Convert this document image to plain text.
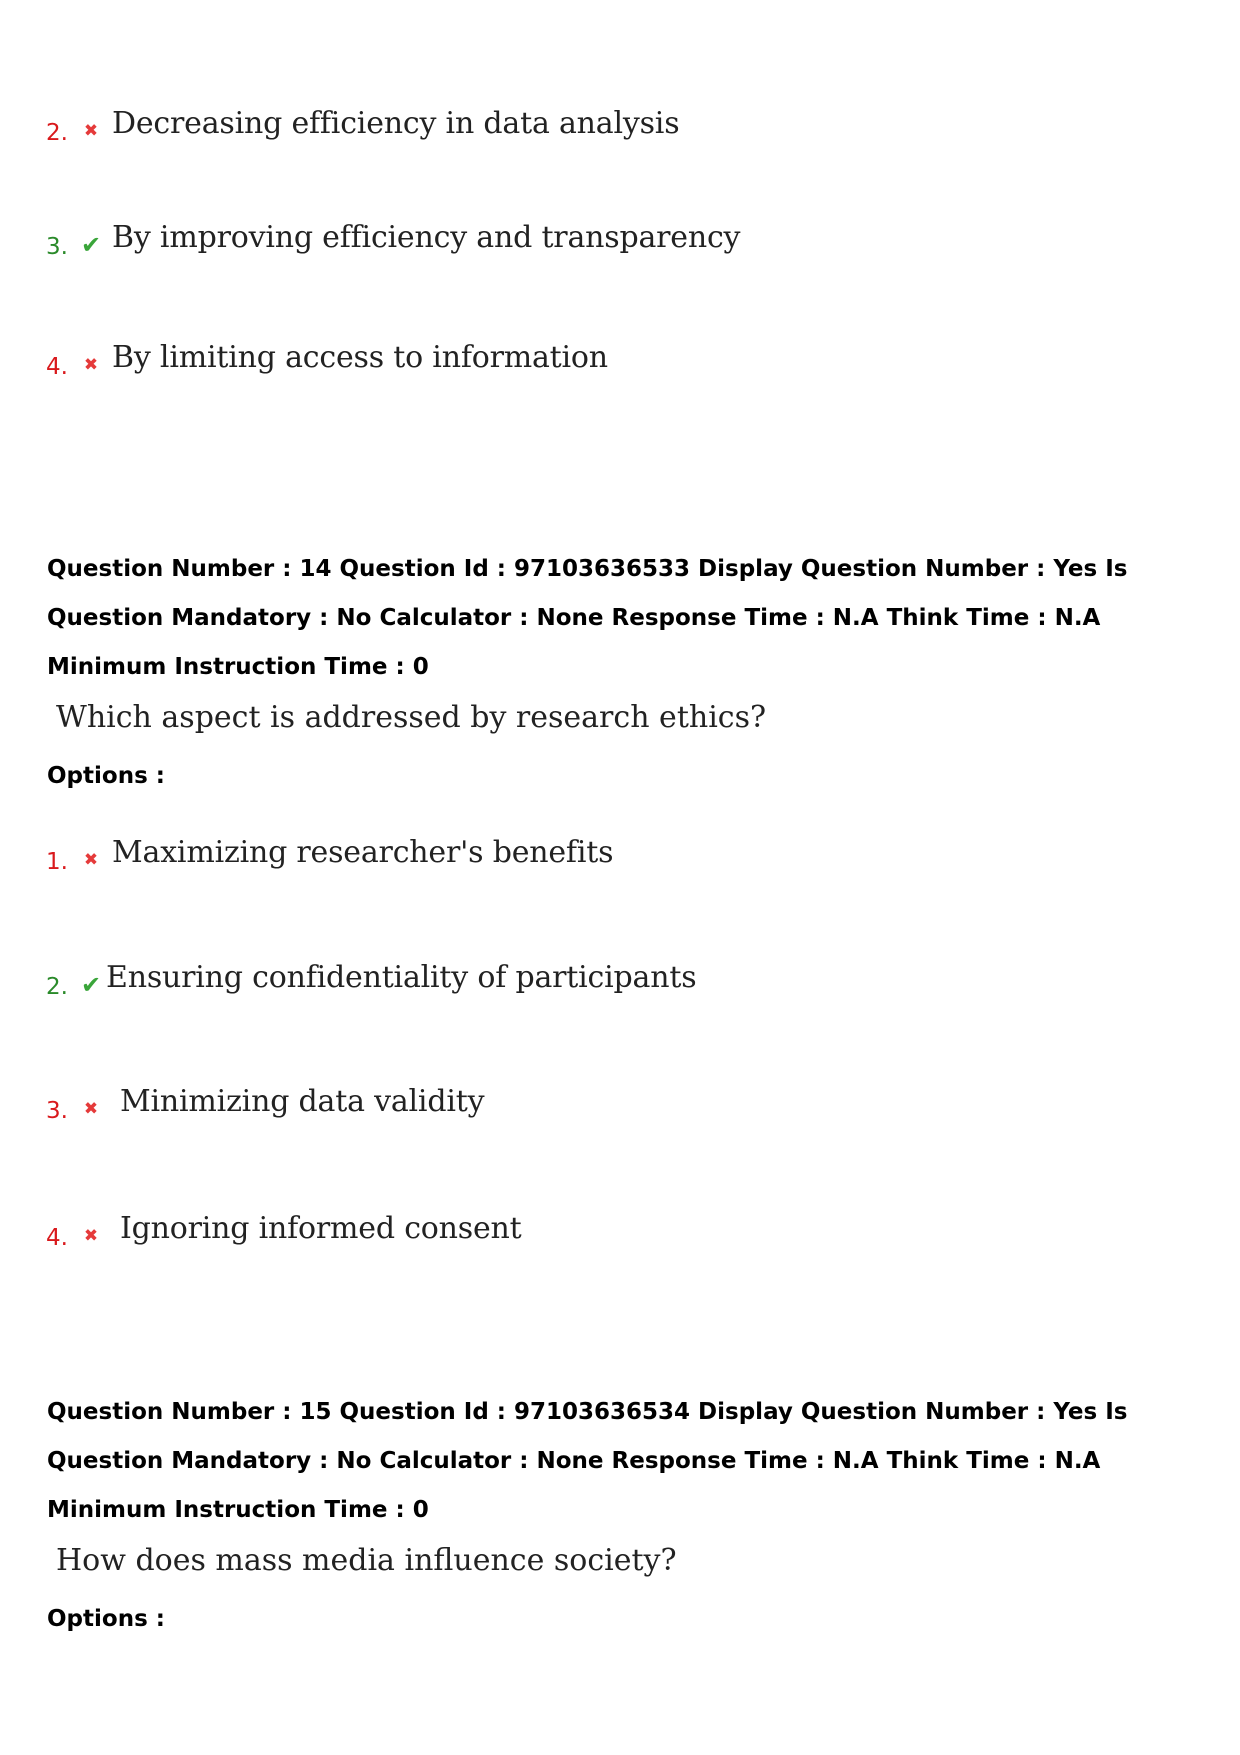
2. ✖ Decreasing efficiency in data analysis
3. ✔ By improving efficiency and transparency
4. ✖ By limiting access to information
Question Number : 14 Question Id : 97103636533 Display Question Number : Yes Is Question Mandatory : No Calculator : None Response Time : N.A Think Time : N.A Minimum Instruction Time : 0
Which aspect is addressed by research ethics?
Options :
1. ✖ Maximizing researcher's benefits
2. ✔ Ensuring confidentiality of participants
3. ✖ Minimizing data validity
4. ✖ Ignoring informed consent
Question Number : 15 Question Id : 97103636534 Display Question Number : Yes Is Question Mandatory : No Calculator : None Response Time : N.A Think Time : N.A Minimum Instruction Time : 0
How does mass media influence society?
Options :
